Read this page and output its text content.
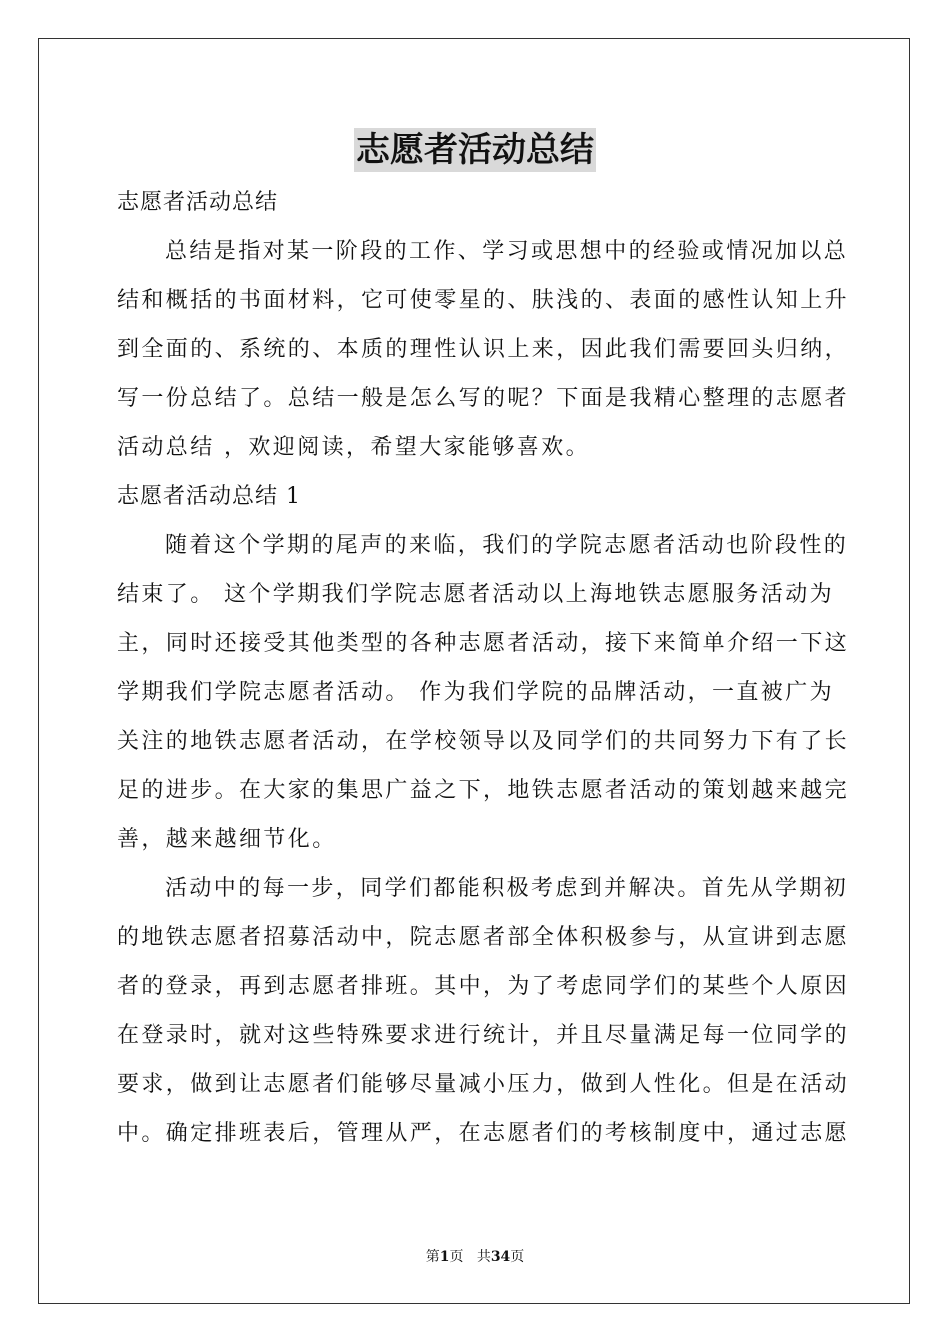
志愿者活动总结
志愿者活动总结
总结是指对某一阶段的工作、学习或思想中的经验或情况加以总
结和概括的书面材料，它可使零星的、肤浅的、表面的感性认知上升
到全面的、系统的、本质的理性认识上来，因此我们需要回头归纳，
写一份总结了。总结一般是怎么写的呢？下面是我精心整理的志愿者
活动总结 ，欢迎阅读，希望大家能够喜欢。
志愿者活动总结 1
随着这个学期的尾声的来临，我们的学院志愿者活动也阶段性的
结束了。 这个学期我们学院志愿者活动以上海地铁志愿服务活动为
主，同时还接受其他类型的各种志愿者活动，接下来简单介绍一下这
学期我们学院志愿者活动。 作为我们学院的品牌活动，一直被广为
关注的地铁志愿者活动，在学校领导以及同学们的共同努力下有了长
足的进步。在大家的集思广益之下，地铁志愿者活动的策划越来越完
善，越来越细节化。
活动中的每一步，同学们都能积极考虑到并解决。首先从学期初
的地铁志愿者招募活动中，院志愿者部全体积极参与，从宣讲到志愿
者的登录，再到志愿者排班。其中，为了考虑同学们的某些个人原因
在登录时，就对这些特殊要求进行统计，并且尽量满足每一位同学的
要求，做到让志愿者们能够尽量减小压力，做到人性化。但是在活动
中。确定排班表后，管理从严，在志愿者们的考核制度中，通过志愿
第1页 共34页
